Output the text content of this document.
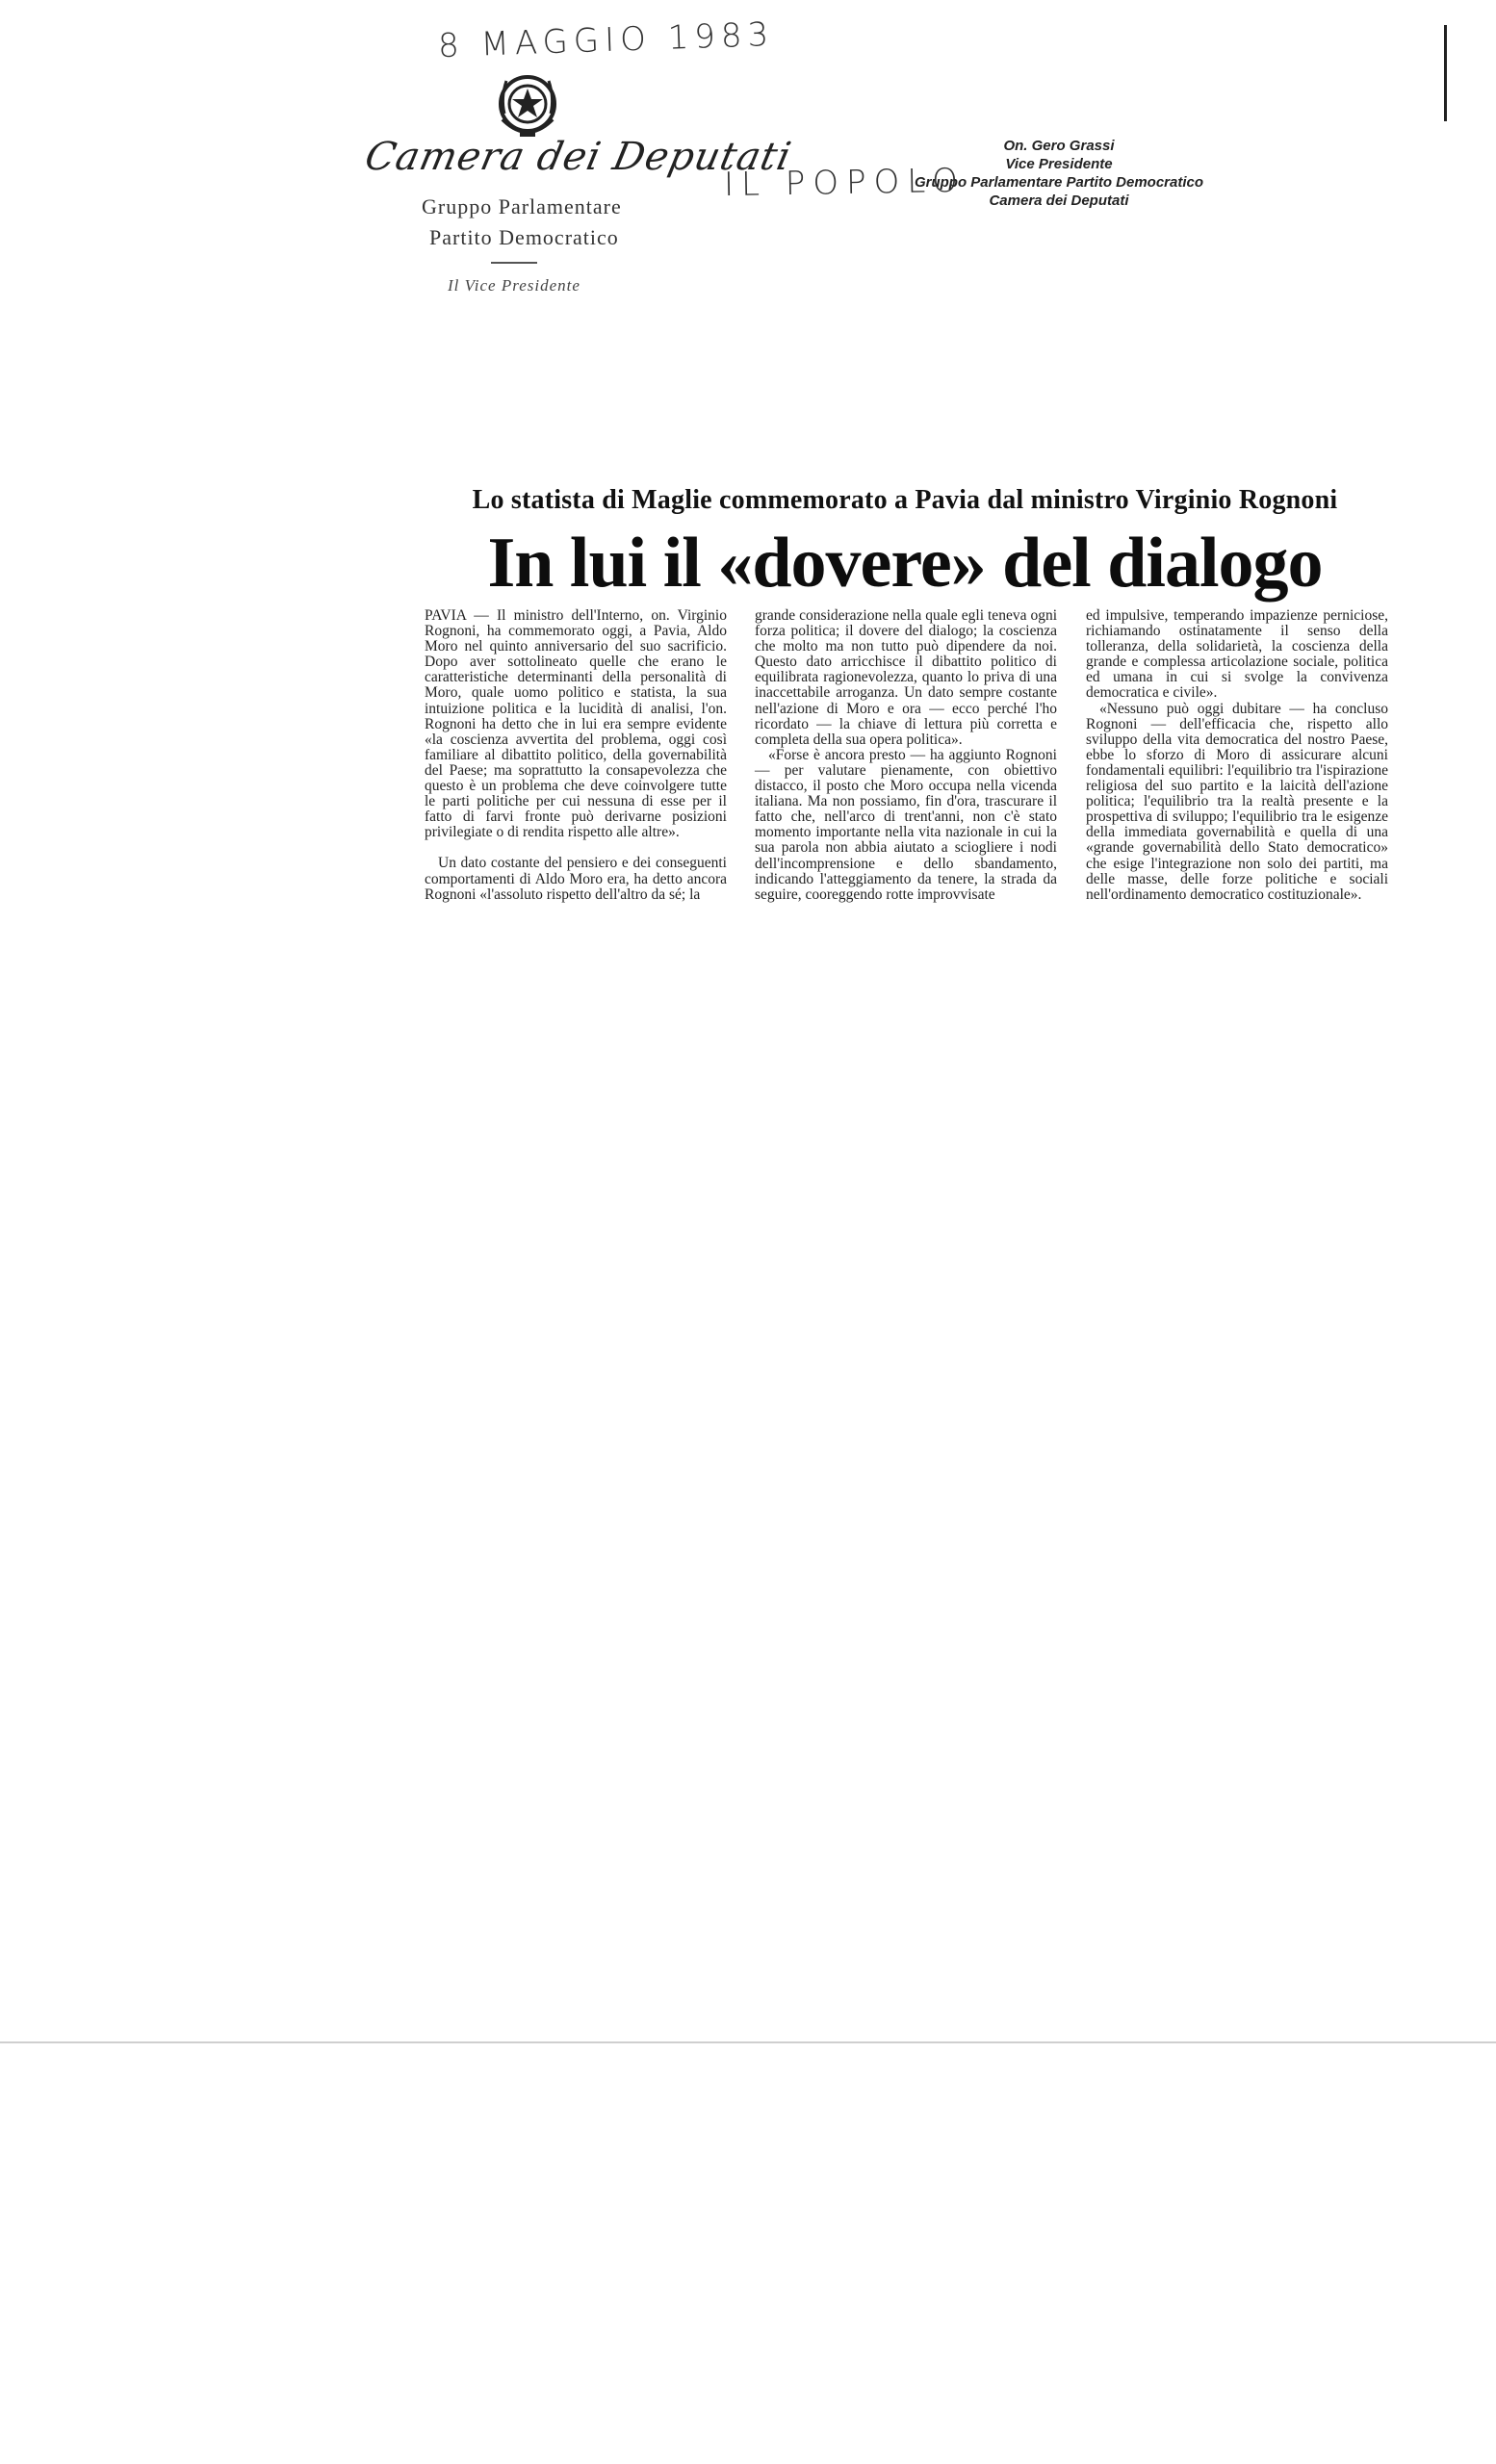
8 MAGGIO 1983
IL POPOLO
Camera dei Deputati
Gruppo Parlamentare
Partito Democratico
Il Vice Presidente
On. Gero Grassi
Vice Presidente
Gruppo Parlamentare Partito Democratico
Camera dei Deputati
Lo statista di Maglie commemorato a Pavia dal ministro Virginio Rognoni
In lui il «dovere» del dialogo

PAVIA — Il ministro dell'Interno, on. Virginio Rognoni, ha commemorato oggi, a Pavia, Aldo Moro nel quinto anniversario del suo sacrificio. Dopo aver sottolineato quelle che erano le caratteristiche determinanti della personalità di Moro, quale uomo politico e statista, la sua intuizione politica e la lucidità di analisi, l'on. Rognoni ha detto che in lui era sempre evidente «la coscienza avvertita del problema, oggi così familiare al dibattito politico, della governabilità del Paese; ma soprattutto la consapevolezza che questo è un problema che deve coinvolgere tutte le parti politiche per cui nessuna di esse per il fatto di farvi fronte può derivarne posizioni privilegiate o di rendita rispetto alle altre».

Un dato costante del pensiero e dei conseguenti comportamenti di Aldo Moro era, ha detto ancora Rognoni «l'assoluto rispetto dell'altro da sé; la

grande considerazione nella quale egli teneva ogni forza politica; il dovere del dialogo; la coscienza che molto ma non tutto può dipendere da noi. Questo dato arricchisce il dibattito politico di equilibrata ragionevolezza, quanto lo priva di una inaccettabile arroganza. Un dato sempre costante nell'azione di Moro e ora — ecco perché l'ho ricordato — la chiave di lettura più corretta e completa della sua opera politica».

«Forse è ancora presto — ha aggiunto Rognoni — per valutare pienamente, con obiettivo distacco, il posto che Moro occupa nella vicenda italiana. Ma non possiamo, fin d'ora, trascurare il fatto che, nell'arco di trent'anni, non c'è stato momento importante nella vita nazionale in cui la sua parola non abbia aiutato a sciogliere i nodi dell'incomprensione e dello sbandamento, indicando l'atteggiamento da tenere, la strada da seguire, cooreggendo rotte improvvisate

ed impulsive, temperando impazienze perniciose, richiamando ostinatamente il senso della tolleranza, della solidarietà, la coscienza della grande e complessa articolazione sociale, politica ed umana in cui si svolge la convivenza democratica e civile».

«Nessuno può oggi dubitare — ha concluso Rognoni — dell'efficacia che, rispetto allo sviluppo della vita democratica del nostro Paese, ebbe lo sforzo di Moro di assicurare alcuni fondamentali equilibri: l'equilibrio tra l'ispirazione religiosa del suo partito e la laicità dell'azione politica; l'equilibrio tra la realtà presente e la prospettiva di sviluppo; l'equilibrio tra le esigenze della immediata governabilità e quella di una «grande governabilità dello Stato democratico» che esige l'integrazione non solo dei partiti, ma delle masse, delle forze politiche e sociali nell'ordinamento democratico costituzionale».
